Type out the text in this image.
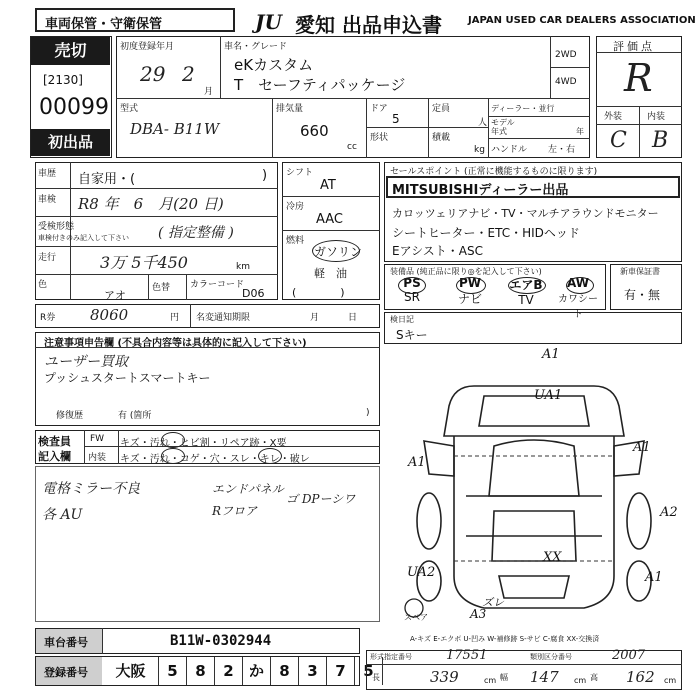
車両保管・守衛保管	JU 愛知 出品申込書	JAPAN USED CAR DEALERS ASSOCIATION
売切
[2130]
00099
初出品
初度登録年月
29 2
月
車名・グレード
eKカスタム
T　セーフティパッケージ
2WD
4WD
型式
DBA- B11W
排気量
660
cc
ドア
5
定員
人
形状	積載
kg
ディーラー・並行
モデル年式	年
ハンドル 左・右
評価点
R
外装	内装
C B
車歴 自家用・(	)
車検 R8 年　6　月(20 日)
受検形態
車検付きのみ記入して下さい ( 指定整備 )
走行	3万 5千450	km
色
アオ
色替 カラーコード
D06
シフト
AT
冷房
AAC
燃料
ガソリン
軽　油
(　　　　)
R券 8060	円 名変通知期限	月	日
セールスポイント (正常に機能するものに限ります)
MITSUBISHIディーラー出品
カロッツェリアナビ・TV・マルチアラウンドモニター
シートヒーター・ETC・HIDヘッド
Eアシスト・ASC
装備品 (純正品に限り◎を記入して下さい)
PS
SR
PW
ナビ
エアB
TV
AW
カワシート
新車保証書
有・無
検日記
Sキー
注意事項申告欄 (不具合内容等は具体的に記入して下さい)
ユーザー買取
プッシュスタートスマートキー
修復歴	有 (箇所	)
検査員
記入欄
FW キズ・汚れ・ヒビ割・リペア跡・X要
内装 キズ・汚れ・コゲ・穴・スレ・キレ・破レ
電格ミラー不良
各 AU
エンドパネル
Rフロア
ゴ DPーシワ
A1
UA1
A1
A1
A2
XX
UA2	A1
スペア
ズレ
A3
A-キズ E-エクボ U-凹み W-補修跡 S-サビ C-腐食 XX-交換済
車台番号	B11W-0302944
登録番号	大阪	5	8	2	か	8	3	7	5
形式指定番号	17551	類別区分番号	2007
長	339	cm 幅 147 cm 高 162 cm
